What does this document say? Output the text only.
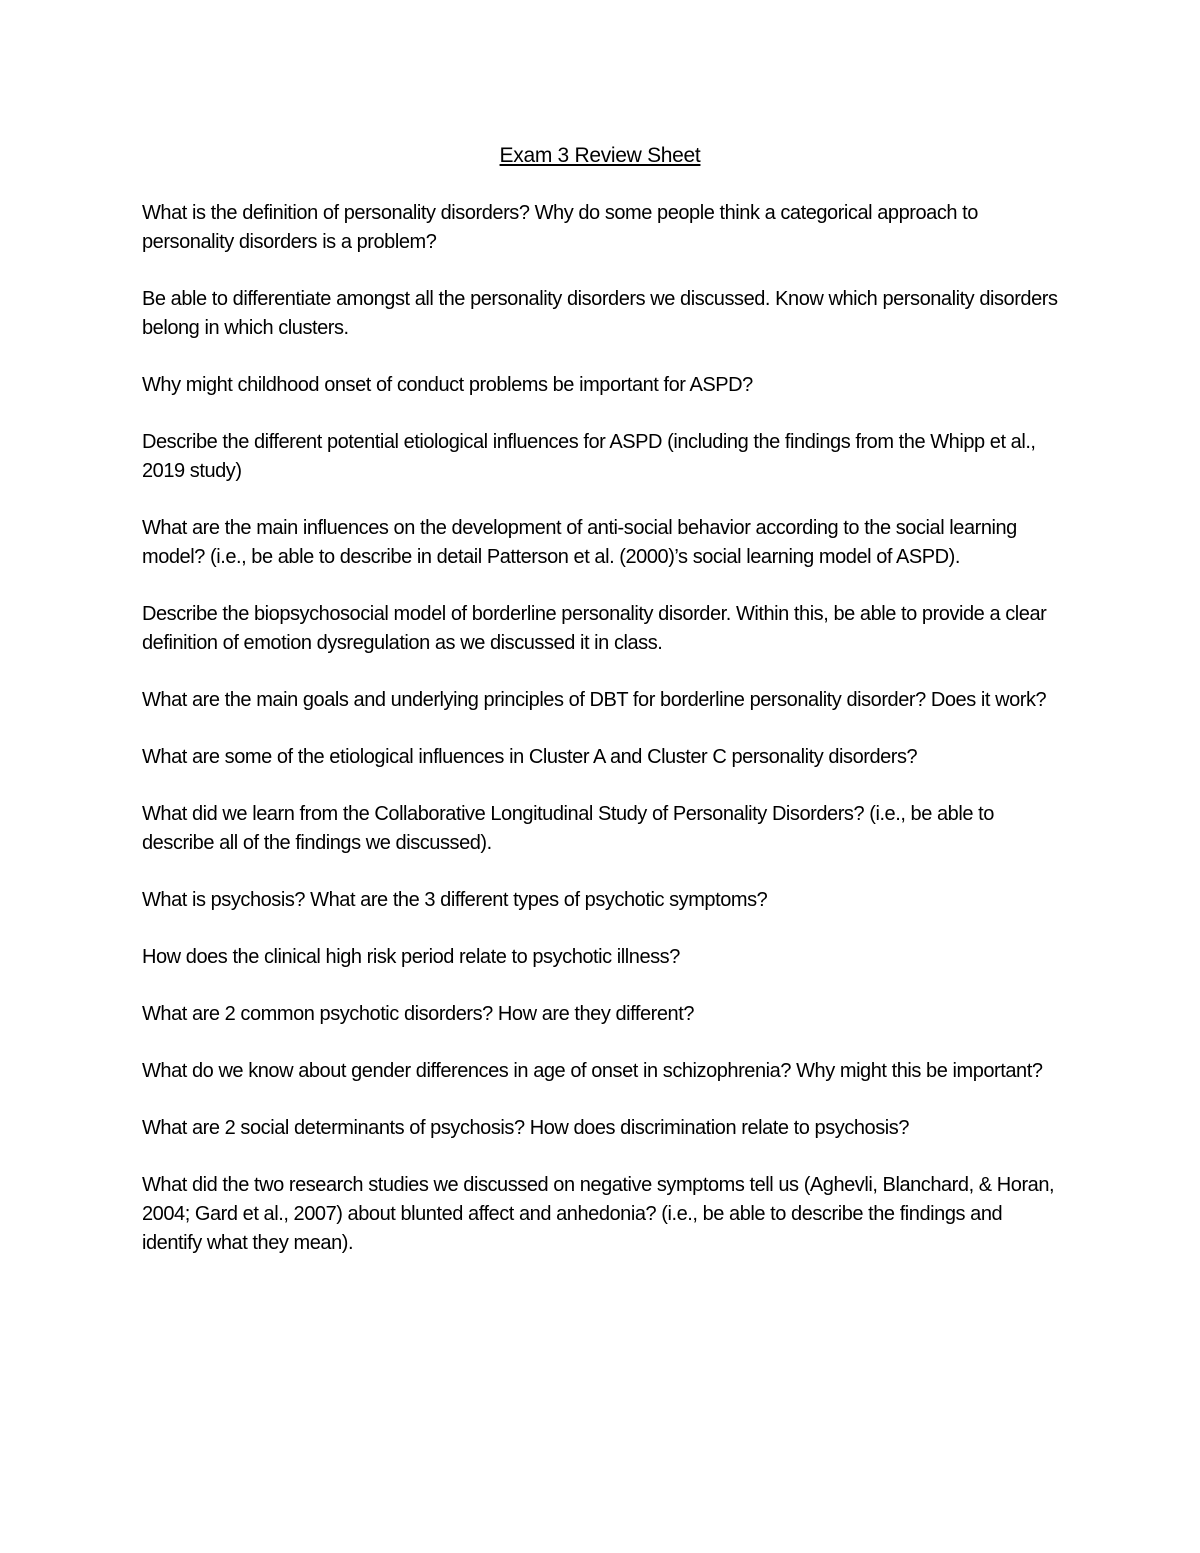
Exam 3 Review Sheet
What is the definition of personality disorders? Why do some people think a categorical approach to personality disorders is a problem?
Be able to differentiate amongst all the personality disorders we discussed. Know which personality disorders belong in which clusters.
Why might childhood onset of conduct problems be important for ASPD?
Describe the different potential etiological influences for ASPD (including the findings from the Whipp et al., 2019 study)
What are the main influences on the development of anti-social behavior according to the social learning model? (i.e., be able to describe in detail Patterson et al. (2000)’s social learning model of ASPD).
Describe the biopsychosocial model of borderline personality disorder. Within this, be able to provide a clear definition of emotion dysregulation as we discussed it in class.
What are the main goals and underlying principles of DBT for borderline personality disorder? Does it work?
What are some of the etiological influences in Cluster A and Cluster C personality disorders?
What did we learn from the Collaborative Longitudinal Study of Personality Disorders? (i.e., be able to describe all of the findings we discussed).
What is psychosis? What are the 3 different types of psychotic symptoms?
How does the clinical high risk period relate to psychotic illness?
What are 2 common psychotic disorders? How are they different?
What do we know about gender differences in age of onset in schizophrenia? Why might this be important?
What are 2 social determinants of psychosis? How does discrimination relate to psychosis?
What did the two research studies we discussed on negative symptoms tell us (Aghevli, Blanchard, & Horan, 2004; Gard et al., 2007) about blunted affect and anhedonia? (i.e., be able to describe the findings and identify what they mean).
